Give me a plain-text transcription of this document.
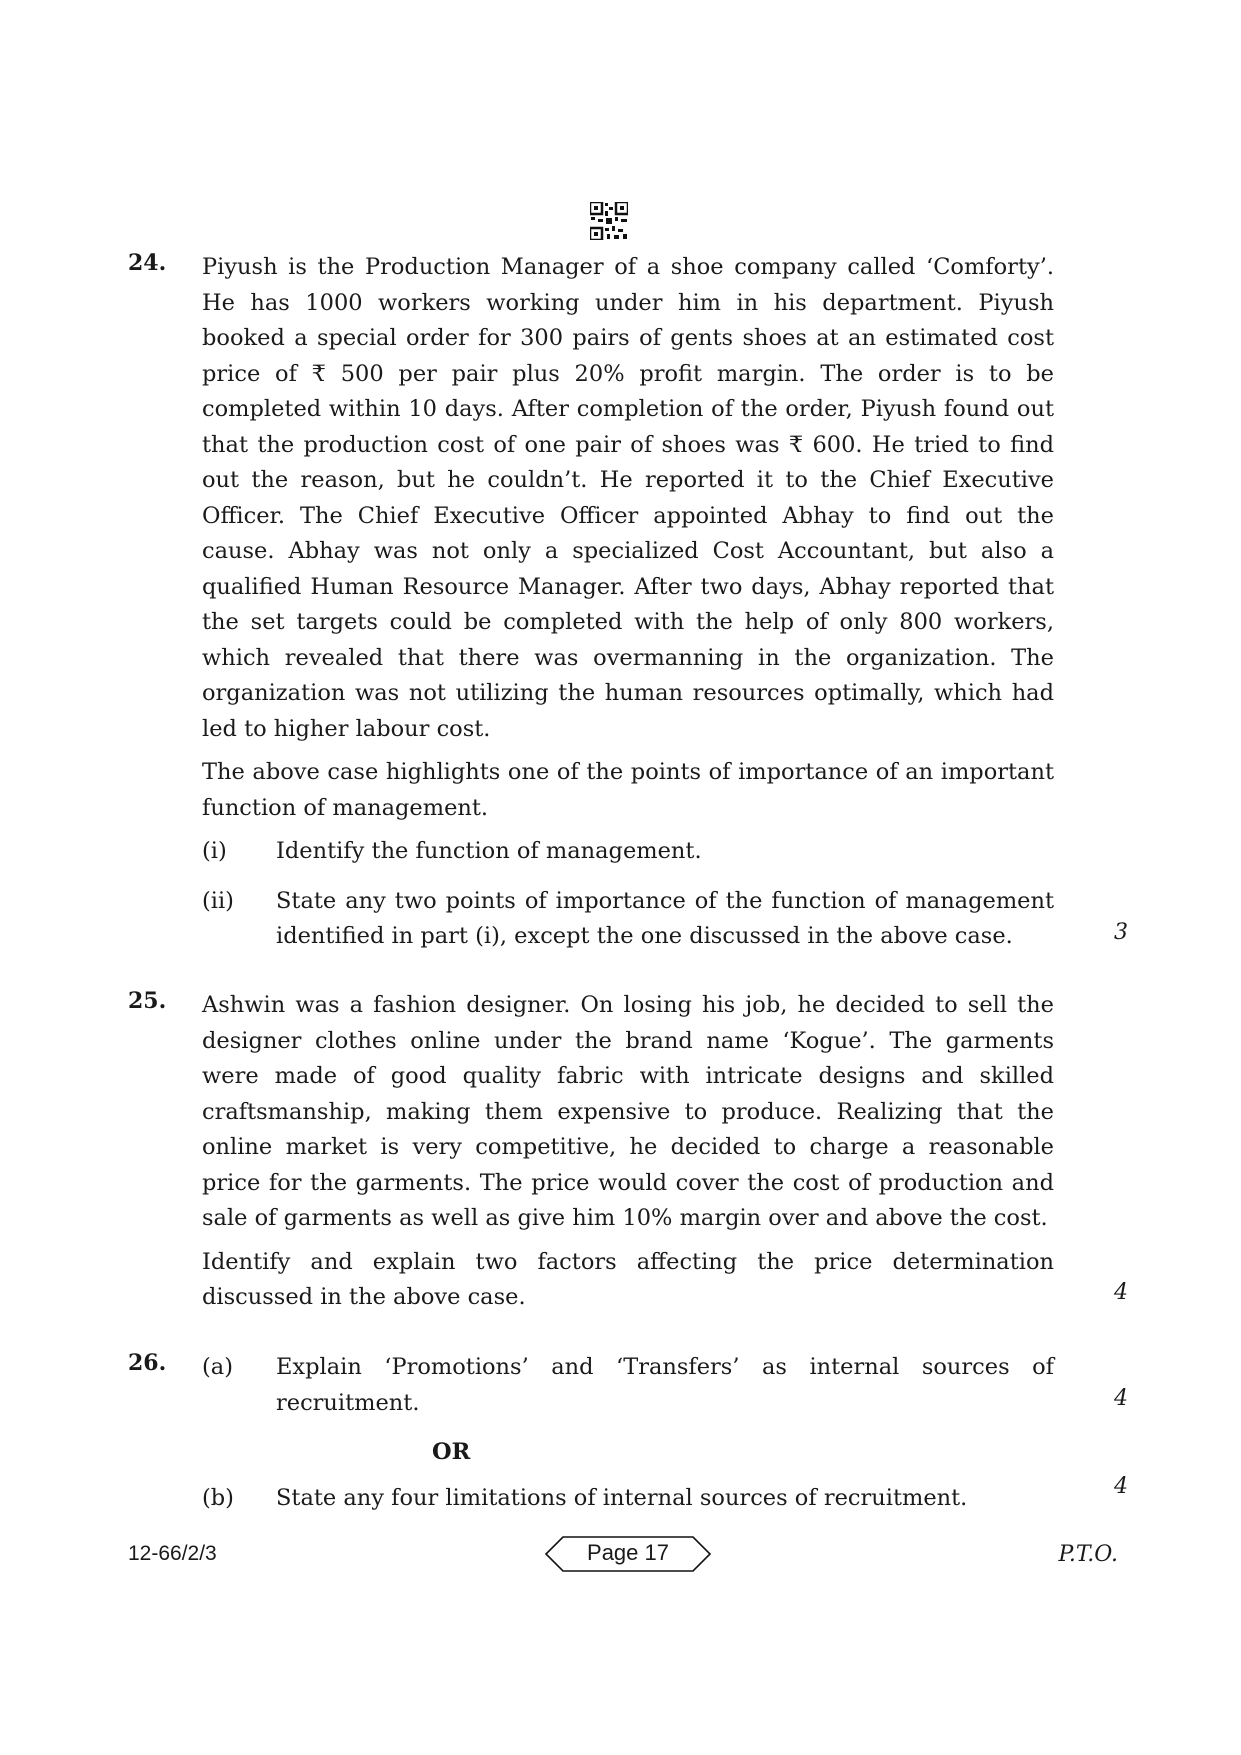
24. Piyush is the Production Manager of a shoe company called ‘Comforty’. He has 1000 workers working under him in his department. Piyush booked a special order for 300 pairs of gents shoes at an estimated cost price of ₹ 500 per pair plus 20% profit margin. The order is to be completed within 10 days. After completion of the order, Piyush found out that the production cost of one pair of shoes was ₹ 600. He tried to find out the reason, but he couldn’t. He reported it to the Chief Executive Officer. The Chief Executive Officer appointed Abhay to find out the cause. Abhay was not only a specialized Cost Accountant, but also a qualified Human Resource Manager. After two days, Abhay reported that the set targets could be completed with the help of only 800 workers, which revealed that there was overmanning in the organization. The organization was not utilizing the human resources optimally, which had led to higher labour cost.

The above case highlights one of the points of importance of an important function of management.

(i) Identify the function of management.
(ii) State any two points of importance of the function of management identified in part (i), except the one discussed in the above case.	3
25. Ashwin was a fashion designer. On losing his job, he decided to sell the designer clothes online under the brand name ‘Kogue’. The garments were made of good quality fabric with intricate designs and skilled craftsmanship, making them expensive to produce. Realizing that the online market is very competitive, he decided to charge a reasonable price for the garments. The price would cover the cost of production and sale of garments as well as give him 10% margin over and above the cost.

Identify and explain two factors affecting the price determination discussed in the above case.	4
26. (a) Explain ‘Promotions’ and ‘Transfers’ as internal sources of recruitment.
OR
(b) State any four limitations of internal sources of recruitment.
4
4
12-66/2/3	Page 17	P.T.O.
